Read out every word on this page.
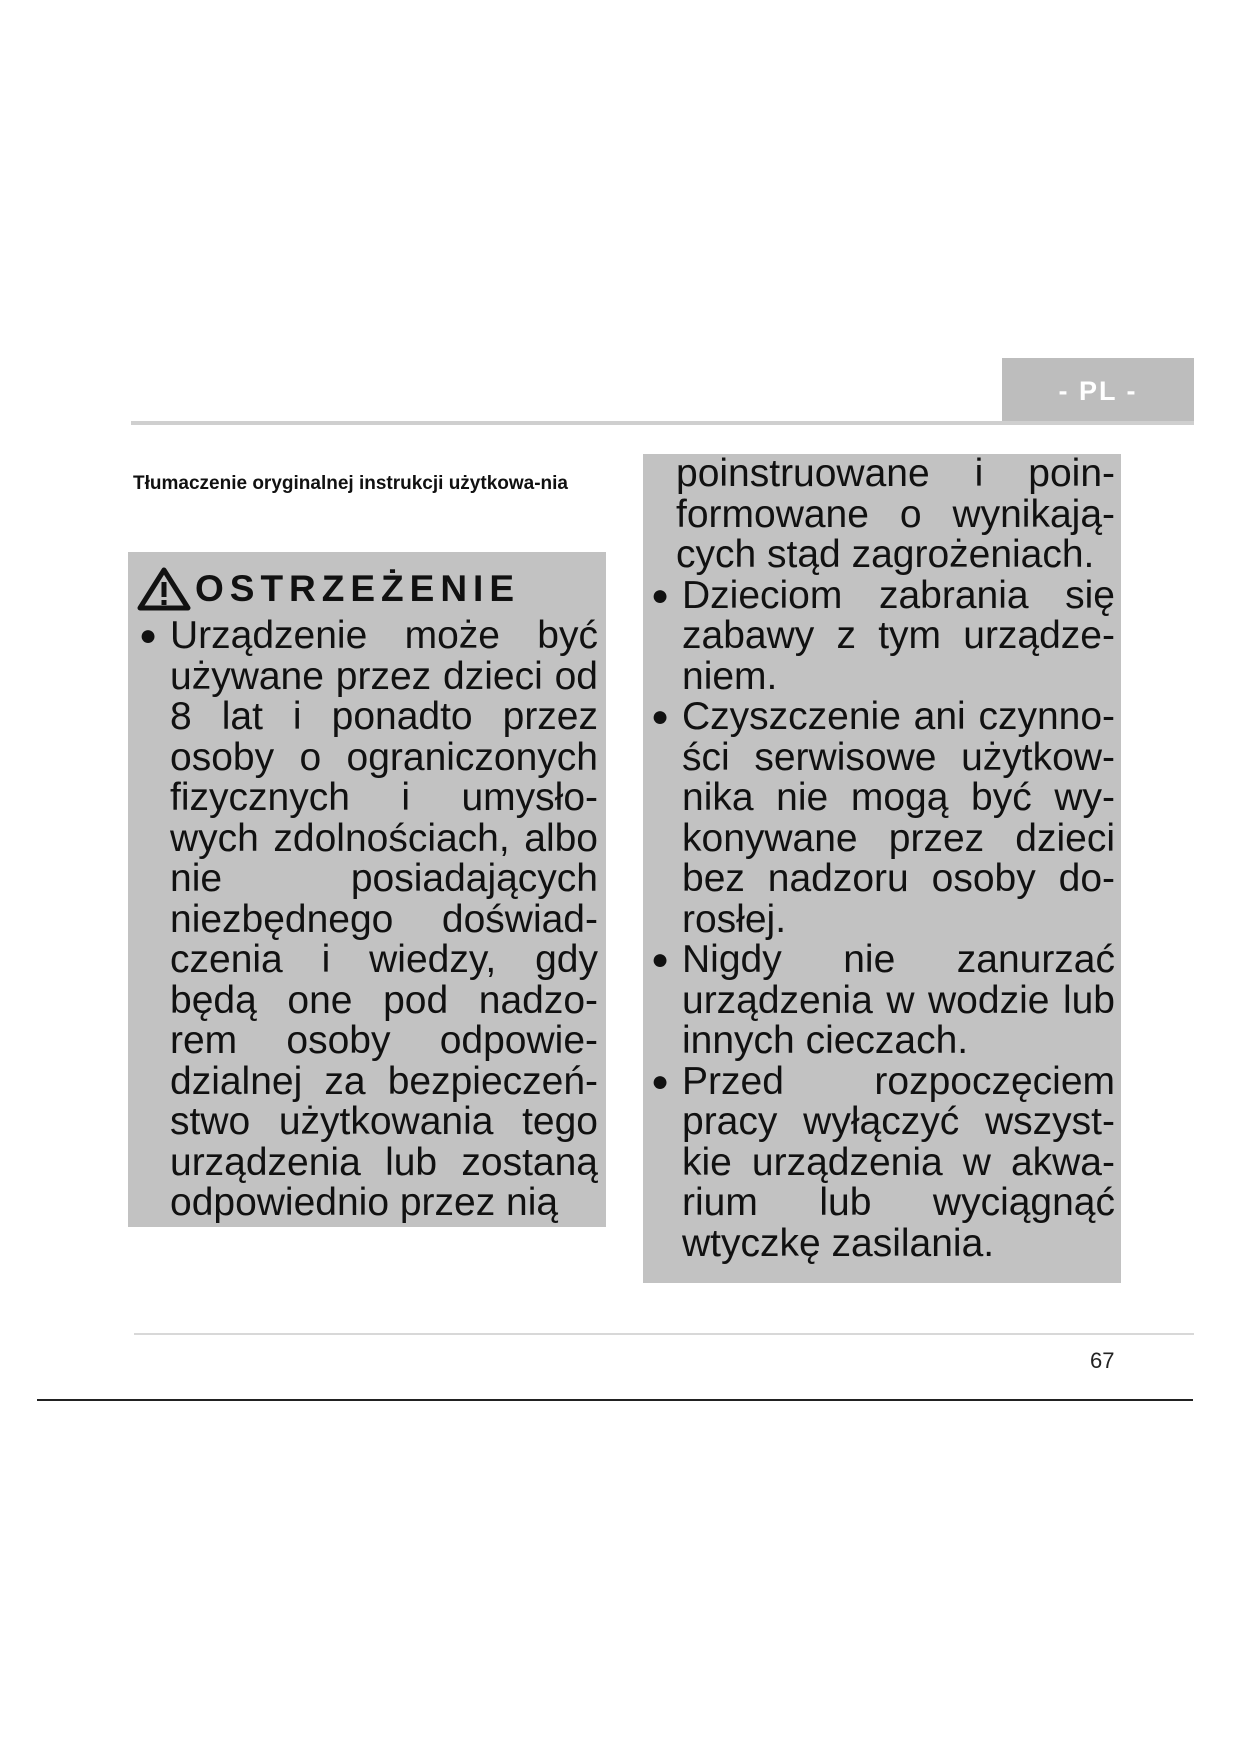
- PL -
Tłumaczenie oryginalnej instrukcji użytkowa-nia
OSTRZEŻENIE
● Urządzenie może być używane przez dzieci od 8 lat i ponadto przez osoby o ograniczonych fizycznych i umysło-wych zdolnościach, albo nie posiadających niezbędnego doświad-czenia i wiedzy, gdy będą one pod nadzo-rem osoby odpowie-dzialnej za bezpieczeń-stwo użytkowania tego urządzenia lub zostaną odpowiednio przez nią
poinstruowane i poin-formowane o wynikają-cych stąd zagrożeniach.
● Dzieciom zabrania się zabawy z tym urządze-niem.
● Czyszczenie ani czynno-ści serwisowe użytkow-nika nie mogą być wy-konywane przez dzieci bez nadzoru osoby do-rosłej.
● Nigdy nie zanurzać urządzenia w wodzie lub innych cieczach.
● Przed rozpoczęciem pracy wyłączyć wszyst-kie urządzenia w akwa-rium lub wyciągnąć wtyczkę zasilania.
67
